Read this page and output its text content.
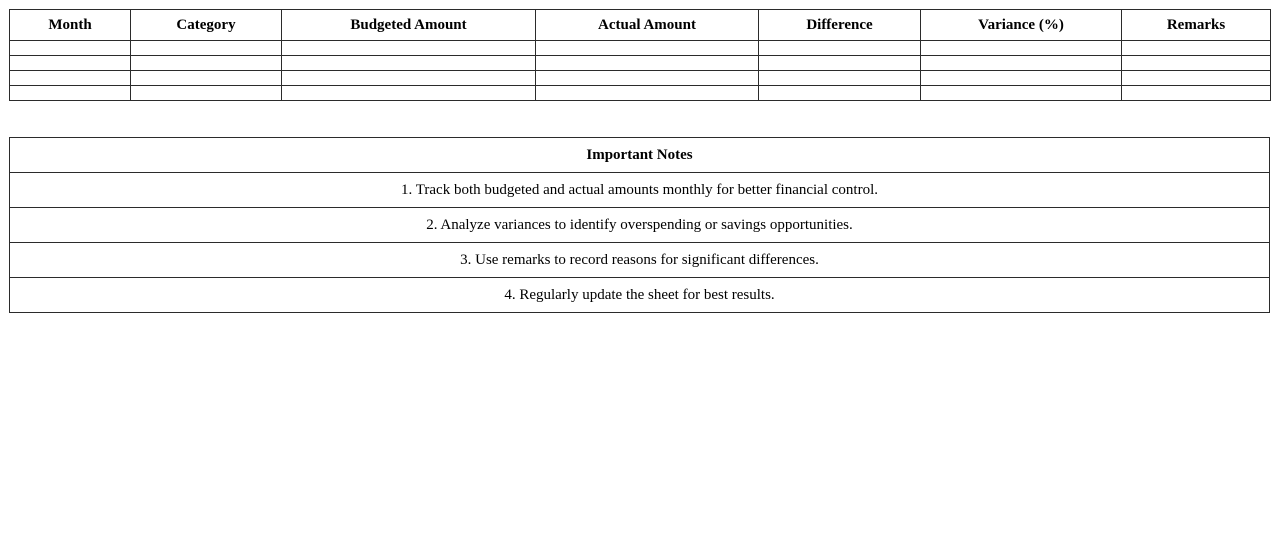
Month	Category	Budgeted Amount	Actual Amount	Difference	Variance (%)	Remarks

Important Notes
1. Track both budgeted and actual amounts monthly for better financial control.
2. Analyze variances to identify overspending or savings opportunities.
3. Use remarks to record reasons for significant differences.
4. Regularly update the sheet for best results.
